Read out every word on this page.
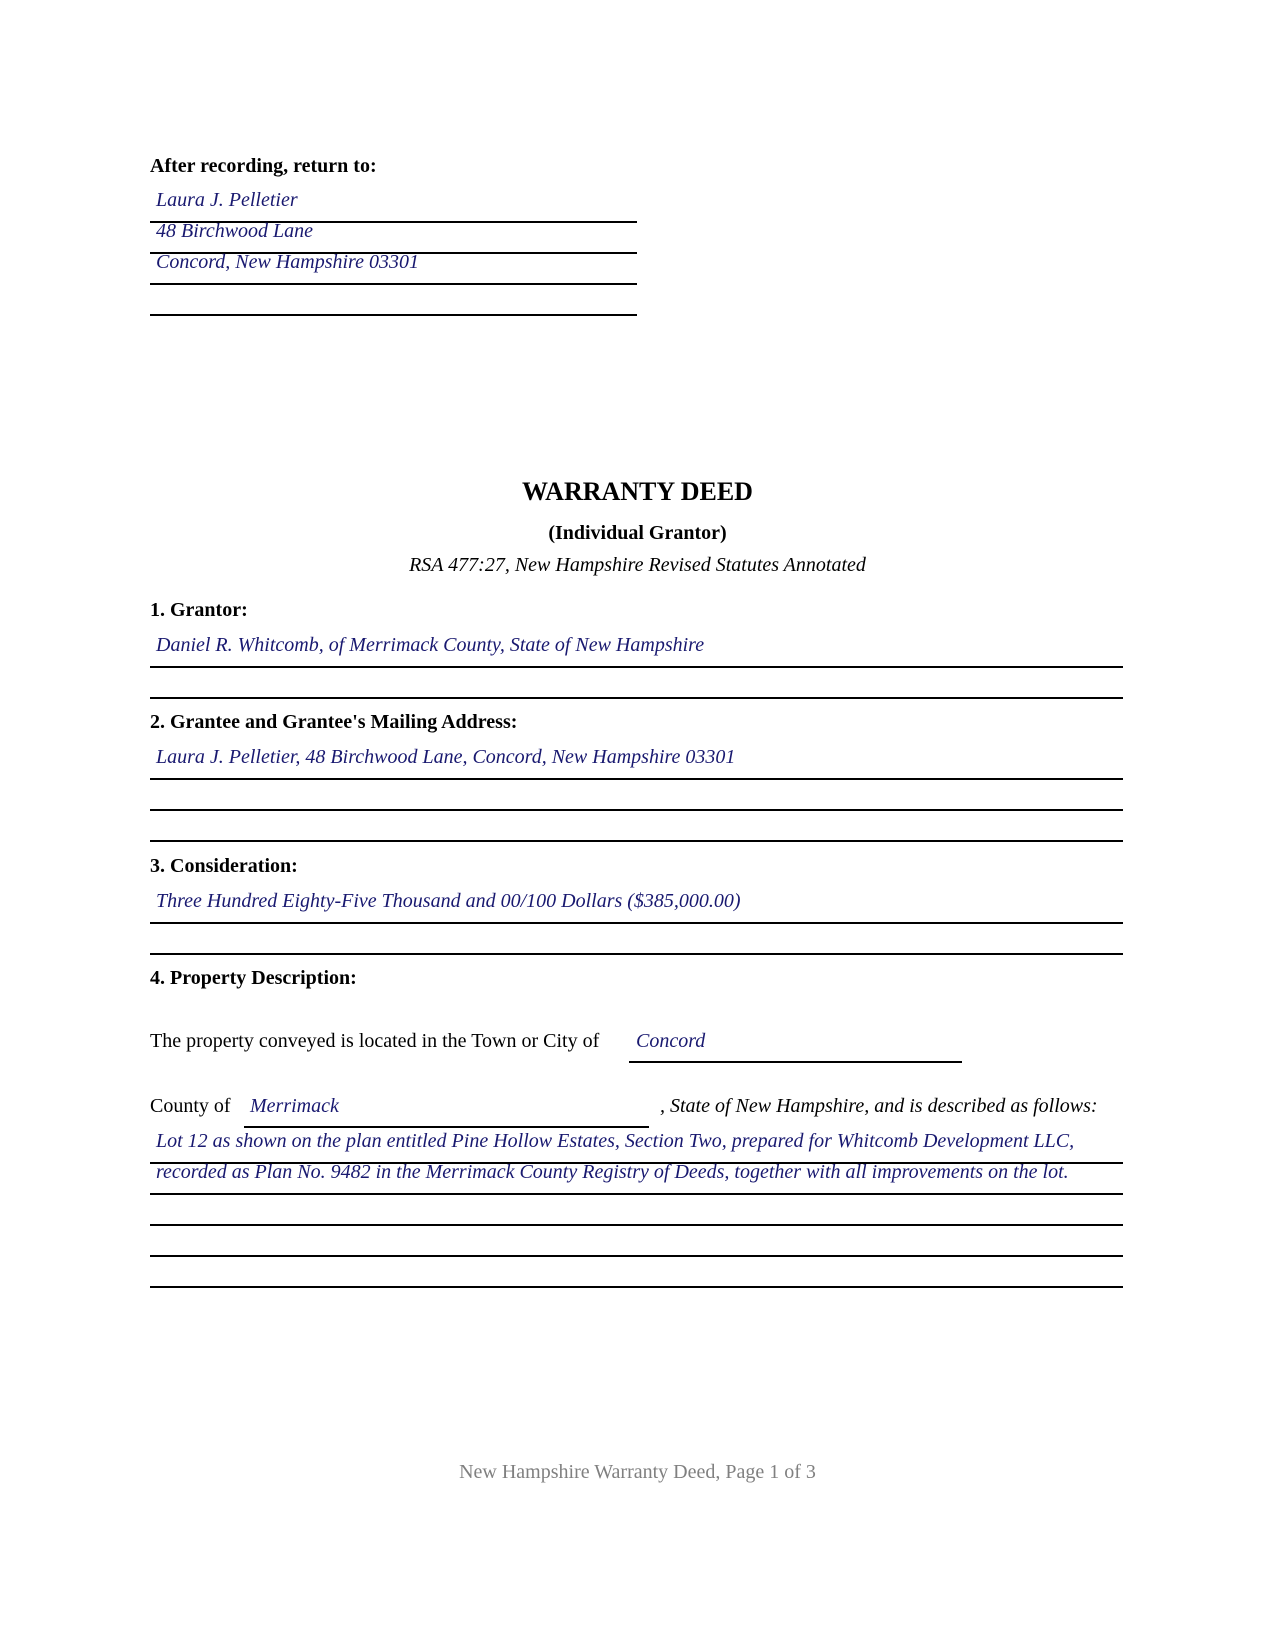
After recording, return to:
Laura J. Pelletier
48 Birchwood Lane
Concord, New Hampshire 03301
WARRANTY DEED
(Individual Grantor)
RSA 477:27, New Hampshire Revised Statutes Annotated
1. Grantor:
Daniel R. Whitcomb, of Merrimack County, State of New Hampshire
2. Grantee and Grantee's Mailing Address:
Laura J. Pelletier, 48 Birchwood Lane, Concord, New Hampshire 03301
3. Consideration:
Three Hundred Eighty-Five Thousand and 00/100 Dollars ($385,000.00)
4. Property Description:
The property conveyed is located in the Town or City of Concord
County of Merrimack	, State of New Hampshire, and is described as follows:
Lot 12 as shown on the plan entitled Pine Hollow Estates, Section Two, prepared for Whitcomb Development LLC,
recorded as Plan No. 9482 in the Merrimack County Registry of Deeds, together with all improvements on the lot.
New Hampshire Warranty Deed, Page 1 of 3
